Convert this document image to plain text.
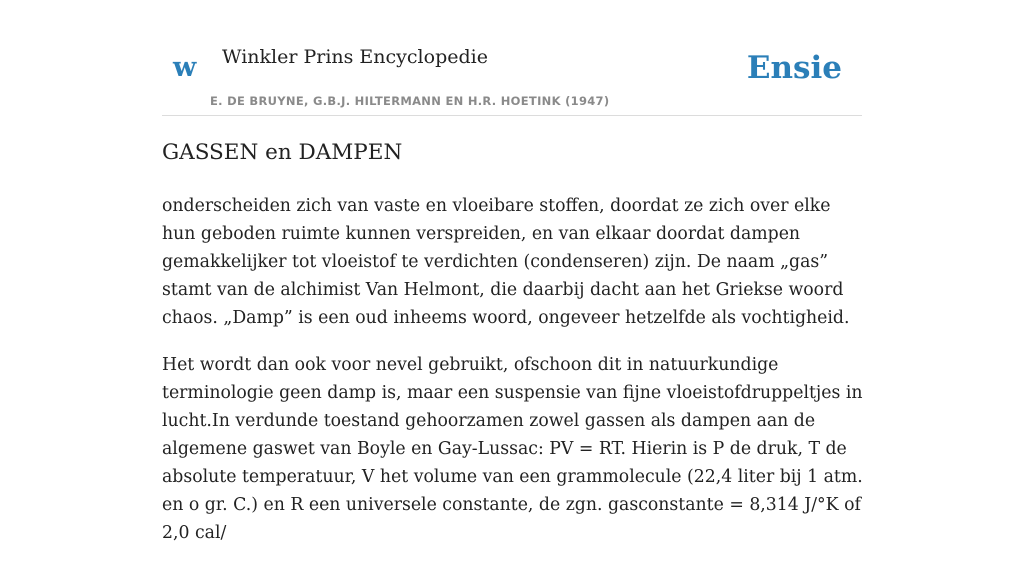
w Winkler Prins Encyclopedie
E. DE BRUYNE, G.B.J. HILTERMANN EN H.R. HOETINK (1947)
Ensie
GASSEN en DAMPEN

onderscheiden zich van vaste en vloeibare stoffen, doordat ze zich over elke hun geboden ruimte kunnen verspreiden, en van elkaar doordat dampen gemakkelijker tot vloeistof te verdichten (condenseren) zijn. De naam „gas” stamt van de alchimist Van Helmont, die daarbij dacht aan het Griekse woord chaos. „Damp” is een oud inheems woord, ongeveer hetzelfde als vochtigheid.

Het wordt dan ook voor nevel gebruikt, ofschoon dit in natuurkundige terminologie geen damp is, maar een suspensie van fijne vloeistofdruppeltjes in lucht.In verdunde toestand gehoorzamen zowel gassen als dampen aan de algemene gaswet van Boyle en Gay-Lussac: PV = RT. Hierin is P de druk, T de absolute temperatuur, V het volume van een grammolecule (22,4 liter bij 1 atm. en o gr. C.) en R een universele constante, de zgn. gasconstante = 8,314 J/°K of 2,0 cal/
